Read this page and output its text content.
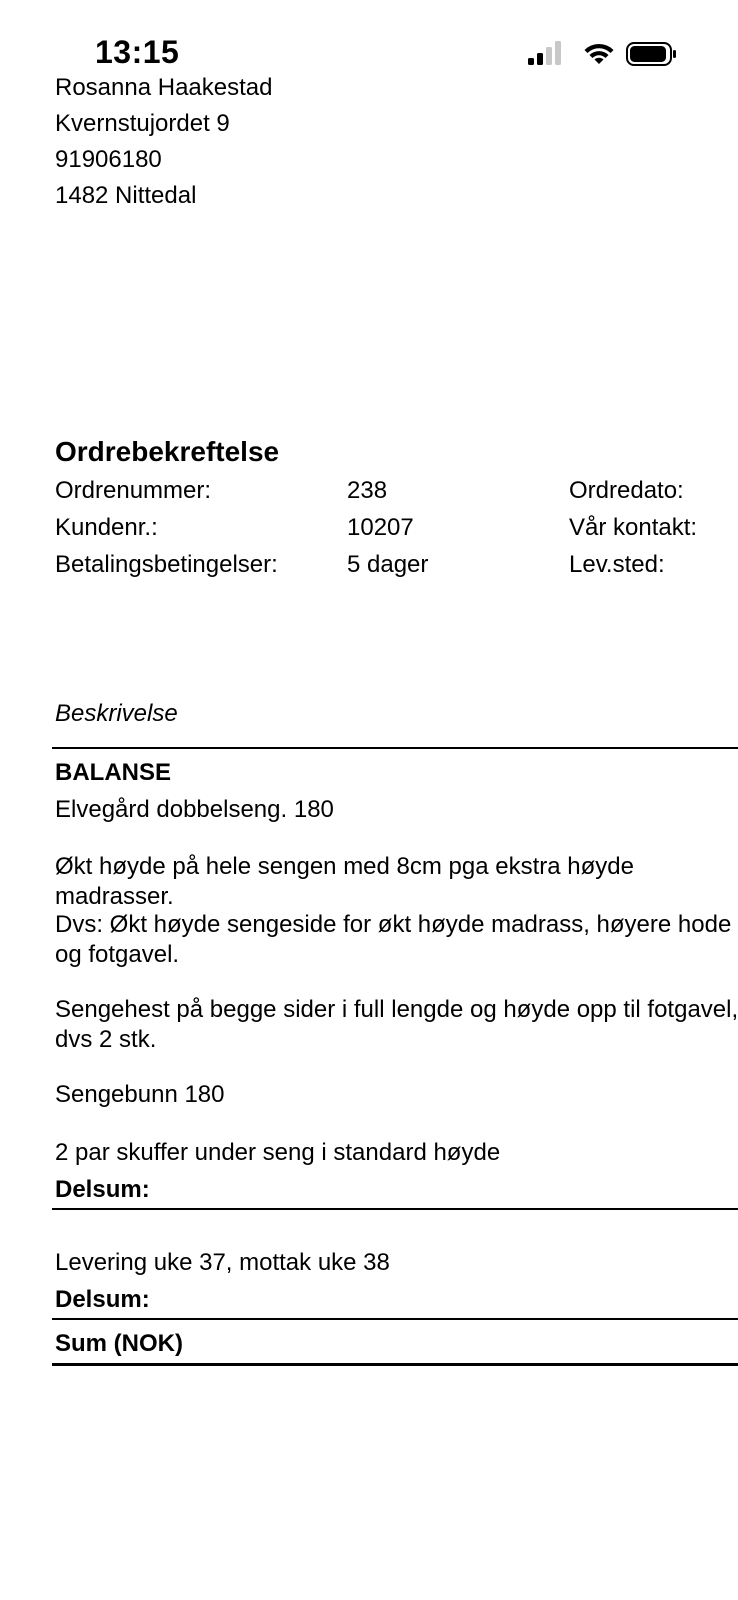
13:15
Rosanna Haakestad
Kvernstujordet 9
91906180
1482 Nittedal
Ordrebekreftelse
Ordrenummer:	238	Ordredato:
Kundenr.:	10207	Vår kontakt:
Betalingsbetingelser:	5 dager	Lev.sted:
Beskrivelse
BALANSE
Elvegård dobbelseng. 180
Økt høyde på hele sengen med 8cm pga ekstra høyde madrasser.
Dvs: Økt høyde sengeside for økt høyde madrass, høyere hode og fotgavel.
Sengehest på begge sider i full lengde og høyde opp til fotgavel, dvs 2 stk.
Sengebunn 180
2 par skuffer under seng i standard høyde
Delsum:
Levering uke 37, mottak uke 38
Delsum:
Sum (NOK)
